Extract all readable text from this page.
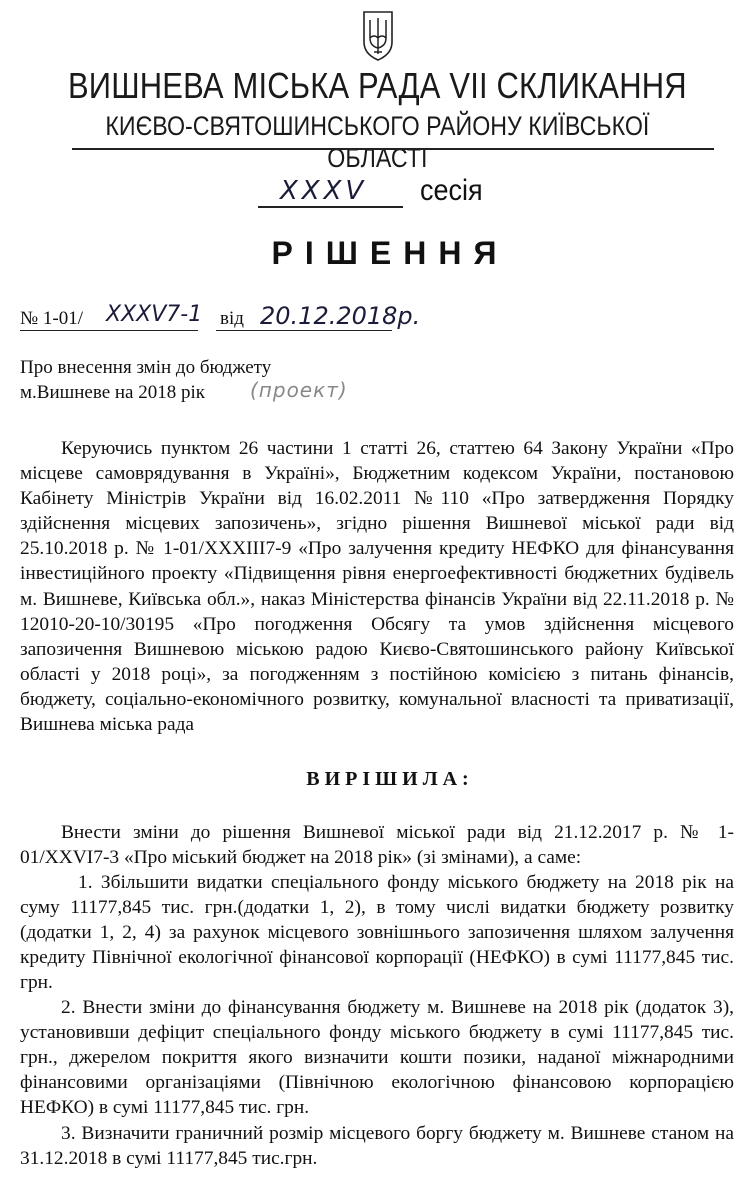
ВИШНЕВА МІСЬКА РАДА VII СКЛИКАННЯ
КИЄВО-СВЯТОШИНСЬКОГО РАЙОНУ КИЇВСЬКОЇ ОБЛАСТІ
XXXV	сесія
РІШЕННЯ
№ 1-01/ XXXV7-1 від 20.12.2018р.
Про внесення змін до бюджету
м.Вишневе на 2018 рік	(проект)
Керуючись пунктом 26 частини 1 статті 26, статтею 64 Закону України «Про місцеве самоврядування в Україні», Бюджетним кодексом України, постановою Кабінету Міністрів України від 16.02.2011 №110 «Про затвердження Порядку здійснення місцевих запозичень», згідно рішення Вишневої міської ради від 25.10.2018 р. № 1-01/XXXIII7-9 «Про залучення кредиту НЕФКО для фінансування інвестиційного проекту «Підвищення рівня енергоефективності бюджетних будівель м. Вишневе, Київська обл.», наказ Міністерства фінансів України від 22.11.2018 р. № 12010-20-10/30195 «Про погодження Обсягу та умов здійснення місцевого запозичення Вишневою міською радою Києво-Святошинського району Київської області у 2018 році», за погодженням з постійною комісією з питань фінансів, бюджету, соціально-економічного розвитку, комунальної власності та приватизації, Вишнева міська рада
ВИРІШИЛА:
Внести зміни до рішення Вишневої міської ради від 21.12.2017 р. № 1-01/XXVI7-3 «Про міський бюджет на 2018 рік» (зі змінами), а саме:
1. Збільшити видатки спеціального фонду міського бюджету на 2018 рік на суму 11177,845 тис. грн.(додатки 1, 2), в тому числі видатки бюджету розвитку (додатки 1, 2, 4) за рахунок місцевого зовнішнього запозичення шляхом залучення кредиту Північної екологічної фінансової корпорації (НЕФКО) в сумі 11177,845 тис. грн.
2. Внести зміни до фінансування бюджету м. Вишневе на 2018 рік (додаток 3), установивши дефіцит спеціального фонду міського бюджету в сумі 11177,845 тис. грн., джерелом покриття якого визначити кошти позики, наданої міжнародними фінансовими організаціями (Північною екологічною фінансовою корпорацією НЕФКО) в сумі 11177,845 тис. грн.
3. Визначити граничний розмір місцевого боргу бюджету м. Вишневе станом на 31.12.2018 в сумі 11177,845 тис.грн.
